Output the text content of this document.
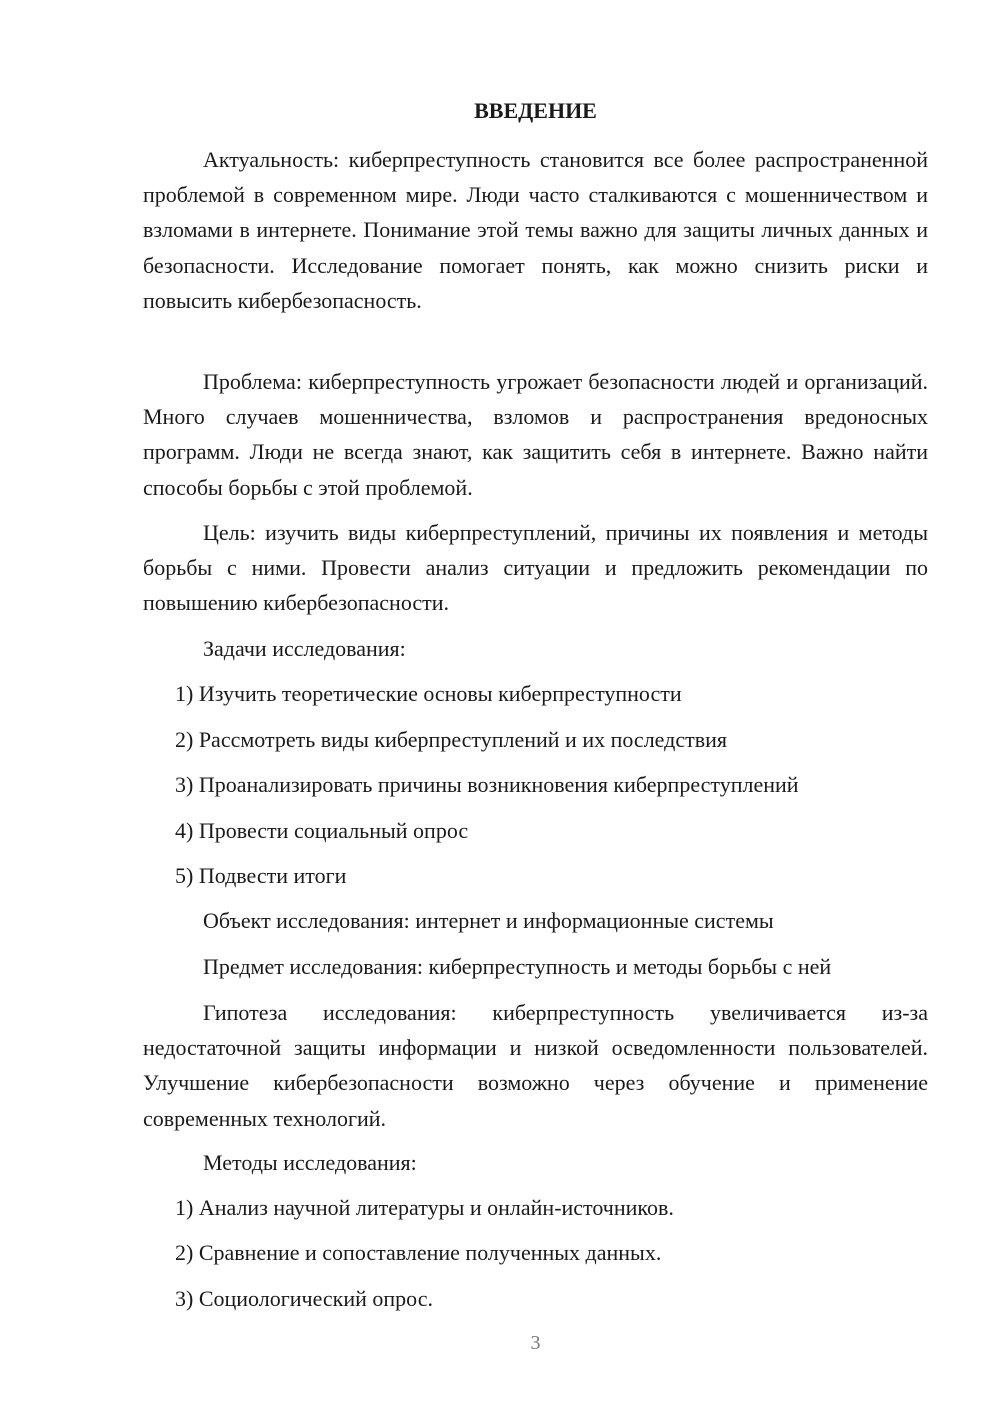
ВВЕДЕНИЕ

Актуальность: киберпреступность становится все более распространенной проблемой в современном мире. Люди часто сталкиваются с мошенничеством и взломами в интернете. Понимание этой темы важно для защиты личных данных и безопасности. Исследование помогает понять, как можно снизить риски и повысить кибербезопасность.

Проблема: киберпреступность угрожает безопасности людей и организаций. Много случаев мошенничества, взломов и распространения вредоносных программ. Люди не всегда знают, как защитить себя в интернете. Важно найти способы борьбы с этой проблемой.

Цель: изучить виды киберпреступлений, причины их появления и методы борьбы с ними. Провести анализ ситуации и предложить рекомендации по повышению кибербезопасности.

Задачи исследования:

1) Изучить теоретические основы киберпреступности

2) Рассмотреть виды киберпреступлений и их последствия

3) Проанализировать причины возникновения киберпреступлений

4) Провести социальный опрос

5) Подвести итоги

Объект исследования: интернет и информационные системы

Предмет исследования: киберпреступность и методы борьбы с ней

Гипотеза исследования: киберпреступность увеличивается из-за недостаточной защиты информации и низкой осведомленности пользователей. Улучшение кибербезопасности возможно через обучение и применение современных технологий.

Методы исследования:

1) Анализ научной литературы и онлайн-источников.

2) Сравнение и сопоставление полученных данных.

3) Социологический опрос.

3
